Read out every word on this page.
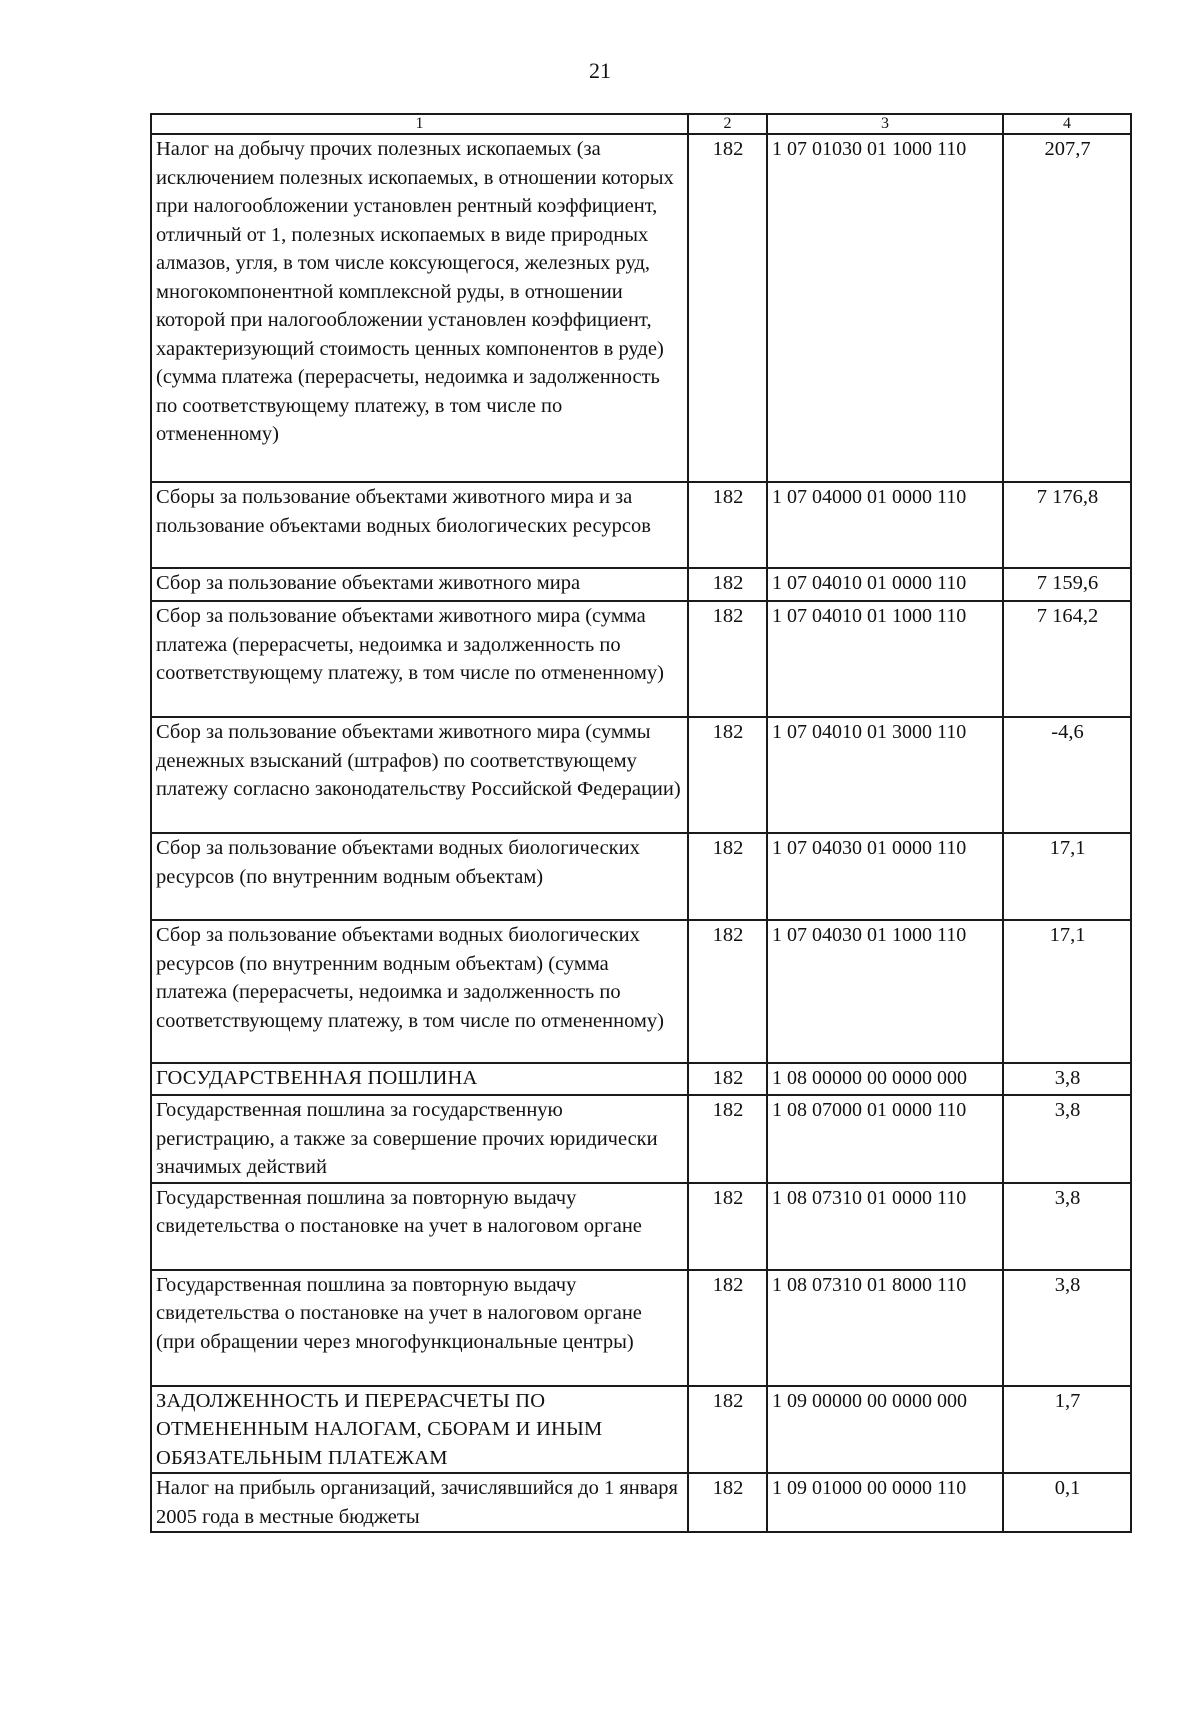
21
1	2	3	4
Налог на добычу прочих полезных ископаемых (за исключением полезных ископаемых, в отношении которых при налогообложении установлен рентный коэффициент, отличный от 1, полезных ископаемых в виде природных алмазов, угля, в том числе коксующегося, железных руд, многокомпонентной комплексной руды, в отношении которой при налогообложении установлен коэффициент, характеризующий стоимость ценных компонентов в руде) (сумма платежа (перерасчеты, недоимка и задолженность по соответствующему платежу, в том числе по отмененному)	182	1 07 01030 01 1000 110	207,7
Сборы за пользование объектами животного мира и за пользование объектами водных биологических ресурсов	182	1 07 04000 01 0000 110	7 176,8
Сбор за пользование объектами животного мира	182	1 07 04010 01 0000 110	7 159,6
Сбор за пользование объектами животного мира (сумма платежа (перерасчеты, недоимка и задолженность по соответствующему платежу, в том числе по отмененному)	182	1 07 04010 01 1000 110	7 164,2
Сбор за пользование объектами животного мира (суммы денежных взысканий (штрафов) по соответствующему платежу согласно законодательству Российской Федерации)	182	1 07 04010 01 3000 110	-4,6
Сбор за пользование объектами водных биологических ресурсов (по внутренним водным объектам)	182	1 07 04030 01 0000 110	17,1
Сбор за пользование объектами водных биологических ресурсов (по внутренним водным объектам) (сумма платежа (перерасчеты, недоимка и задолженность по соответствующему платежу, в том числе по отмененному)	182	1 07 04030 01 1000 110	17,1
ГОСУДАРСТВЕННАЯ ПОШЛИНА	182	1 08 00000 00 0000 000	3,8
Государственная пошлина за государственную регистрацию, а также за совершение прочих юридически значимых действий	182	1 08 07000 01 0000 110	3,8
Государственная пошлина за повторную выдачу свидетельства о постановке на учет в налоговом органе	182	1 08 07310 01 0000 110	3,8
Государственная пошлина за повторную выдачу свидетельства о постановке на учет в налоговом органе (при обращении через многофункциональные центры)	182	1 08 07310 01 8000 110	3,8
ЗАДОЛЖЕННОСТЬ И ПЕРЕРАСЧЕТЫ ПО ОТМЕНЕННЫМ НАЛОГАМ, СБОРАМ И ИНЫМ ОБЯЗАТЕЛЬНЫМ ПЛАТЕЖАМ	182	1 09 00000 00 0000 000	1,7
Налог на прибыль организаций, зачислявшийся до 1 января 2005 года в местные бюджеты	182	1 09 01000 00 0000 110	0,1
